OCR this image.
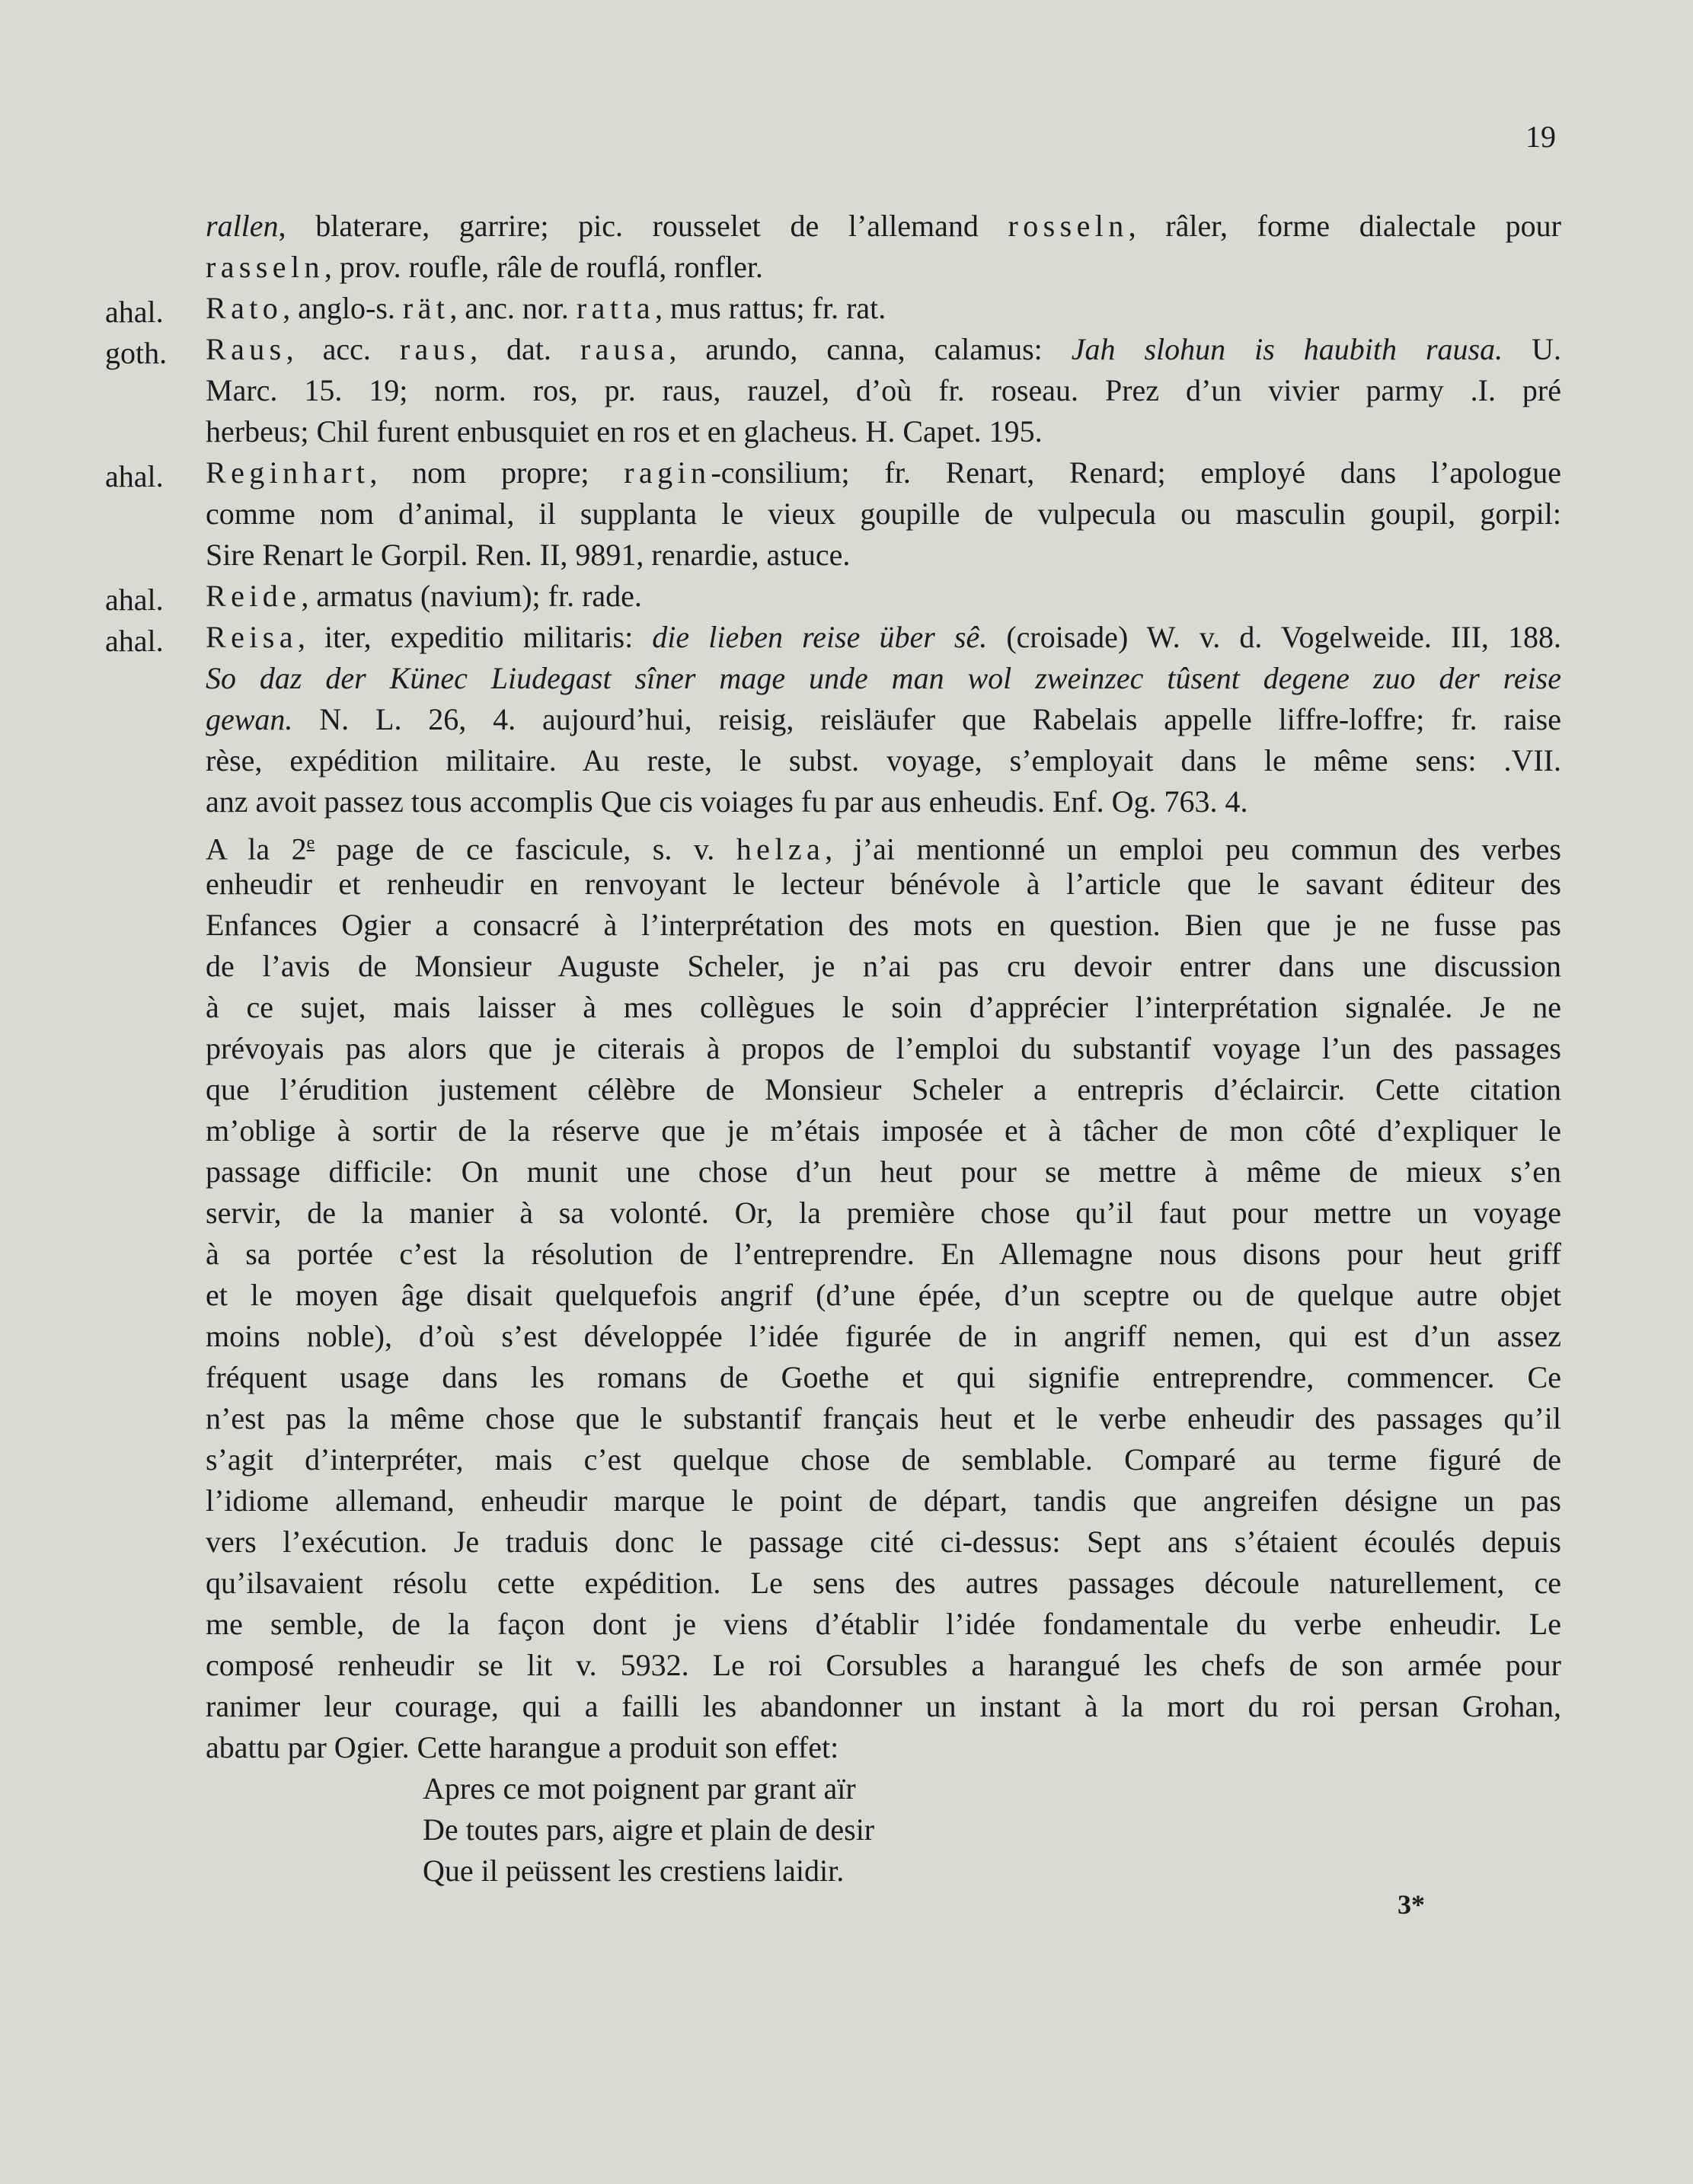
19
ahal.
goth.
ahal.
ahal.
ahal.
rallen, blaterare, garrire; pic. rousselet de l’allemand rosseln, râler, forme dialectale pour
rasseln, prov. roufle, râle de rouflá, ronfler.
Rato, anglo-s. rät, anc. nor. ratta, mus rattus; fr. rat.
Raus, acc. raus, dat. rausa, arundo, canna, calamus: Jah slohun is haubith rausa. U.
Marc. 15. 19; norm. ros, pr. raus, rauzel, d’où fr. roseau. Prez d’un vivier parmy .I. pré
herbeus; Chil furent enbusquiet en ros et en glacheus. H. Capet. 195.
Reginhart, nom propre; ragin-consilium; fr. Renart, Renard; employé dans l’apologue
comme nom d’animal, il supplanta le vieux goupille de vulpecula ou masculin goupil, gorpil:
Sire Renart le Gorpil. Ren. II, 9891, renardie, astuce.
Reide, armatus (navium); fr. rade.
Reisa, iter, expeditio militaris: die lieben reise über sê. (croisade) W. v. d. Vogelweide. III, 188.
So daz der Künec Liudegast sîner mage unde man wol zweinzec tûsent degene zuo der reise
gewan. N. L. 26, 4. aujourd’hui, reisig, reisläufer que Rabelais appelle liffre-loffre; fr. raise
rèse, expédition militaire. Au reste, le subst. voyage, s’employait dans le même sens: .VII.
anz avoit passez tous accomplis Que cis voiages fu par aus enheudis. Enf. Og. 763. 4.
A la 2e page de ce fascicule, s. v. helza, j’ai mentionné un emploi peu commun des verbes
enheudir et renheudir en renvoyant le lecteur bénévole à l’article que le savant éditeur des
Enfances Ogier a consacré à l’interprétation des mots en question. Bien que je ne fusse pas
de l’avis de Monsieur Auguste Scheler, je n’ai pas cru devoir entrer dans une discussion
à ce sujet, mais laisser à mes collègues le soin d’apprécier l’interprétation signalée. Je ne
prévoyais pas alors que je citerais à propos de l’emploi du substantif voyage l’un des passages
que l’érudition justement célèbre de Monsieur Scheler a entrepris d’éclaircir. Cette citation
m’oblige à sortir de la réserve que je m’étais imposée et à tâcher de mon côté d’expliquer le
passage difficile: On munit une chose d’un heut pour se mettre à même de mieux s’en
servir, de la manier à sa volonté. Or, la première chose qu’il faut pour mettre un voyage
à sa portée c’est la résolution de l’entreprendre. En Allemagne nous disons pour heut griff
et le moyen âge disait quelquefois angrif (d’une épée, d’un sceptre ou de quelque autre objet
moins noble), d’où s’est développée l’idée figurée de in angriff nemen, qui est d’un assez
fréquent usage dans les romans de Goethe et qui signifie entreprendre, commencer. Ce
n’est pas la même chose que le substantif français heut et le verbe enheudir des passages qu’il
s’agit d’interpréter, mais c’est quelque chose de semblable. Comparé au terme figuré de
l’idiome allemand, enheudir marque le point de départ, tandis que angreifen désigne un pas
vers l’exécution. Je traduis donc le passage cité ci-dessus: Sept ans s’étaient écoulés depuis
qu’ilsavaient résolu cette expédition. Le sens des autres passages découle naturellement, ce
me semble, de la façon dont je viens d’établir l’idée fondamentale du verbe enheudir. Le
composé renheudir se lit v. 5932. Le roi Corsubles a harangué les chefs de son armée pour
ranimer leur courage, qui a failli les abandonner un instant à la mort du roi persan Grohan,
abattu par Ogier. Cette harangue a produit son effet:
Apres ce mot poignent par grant aïr
De toutes pars, aigre et plain de desir
Que il peüssent les crestiens laidir.
3*
